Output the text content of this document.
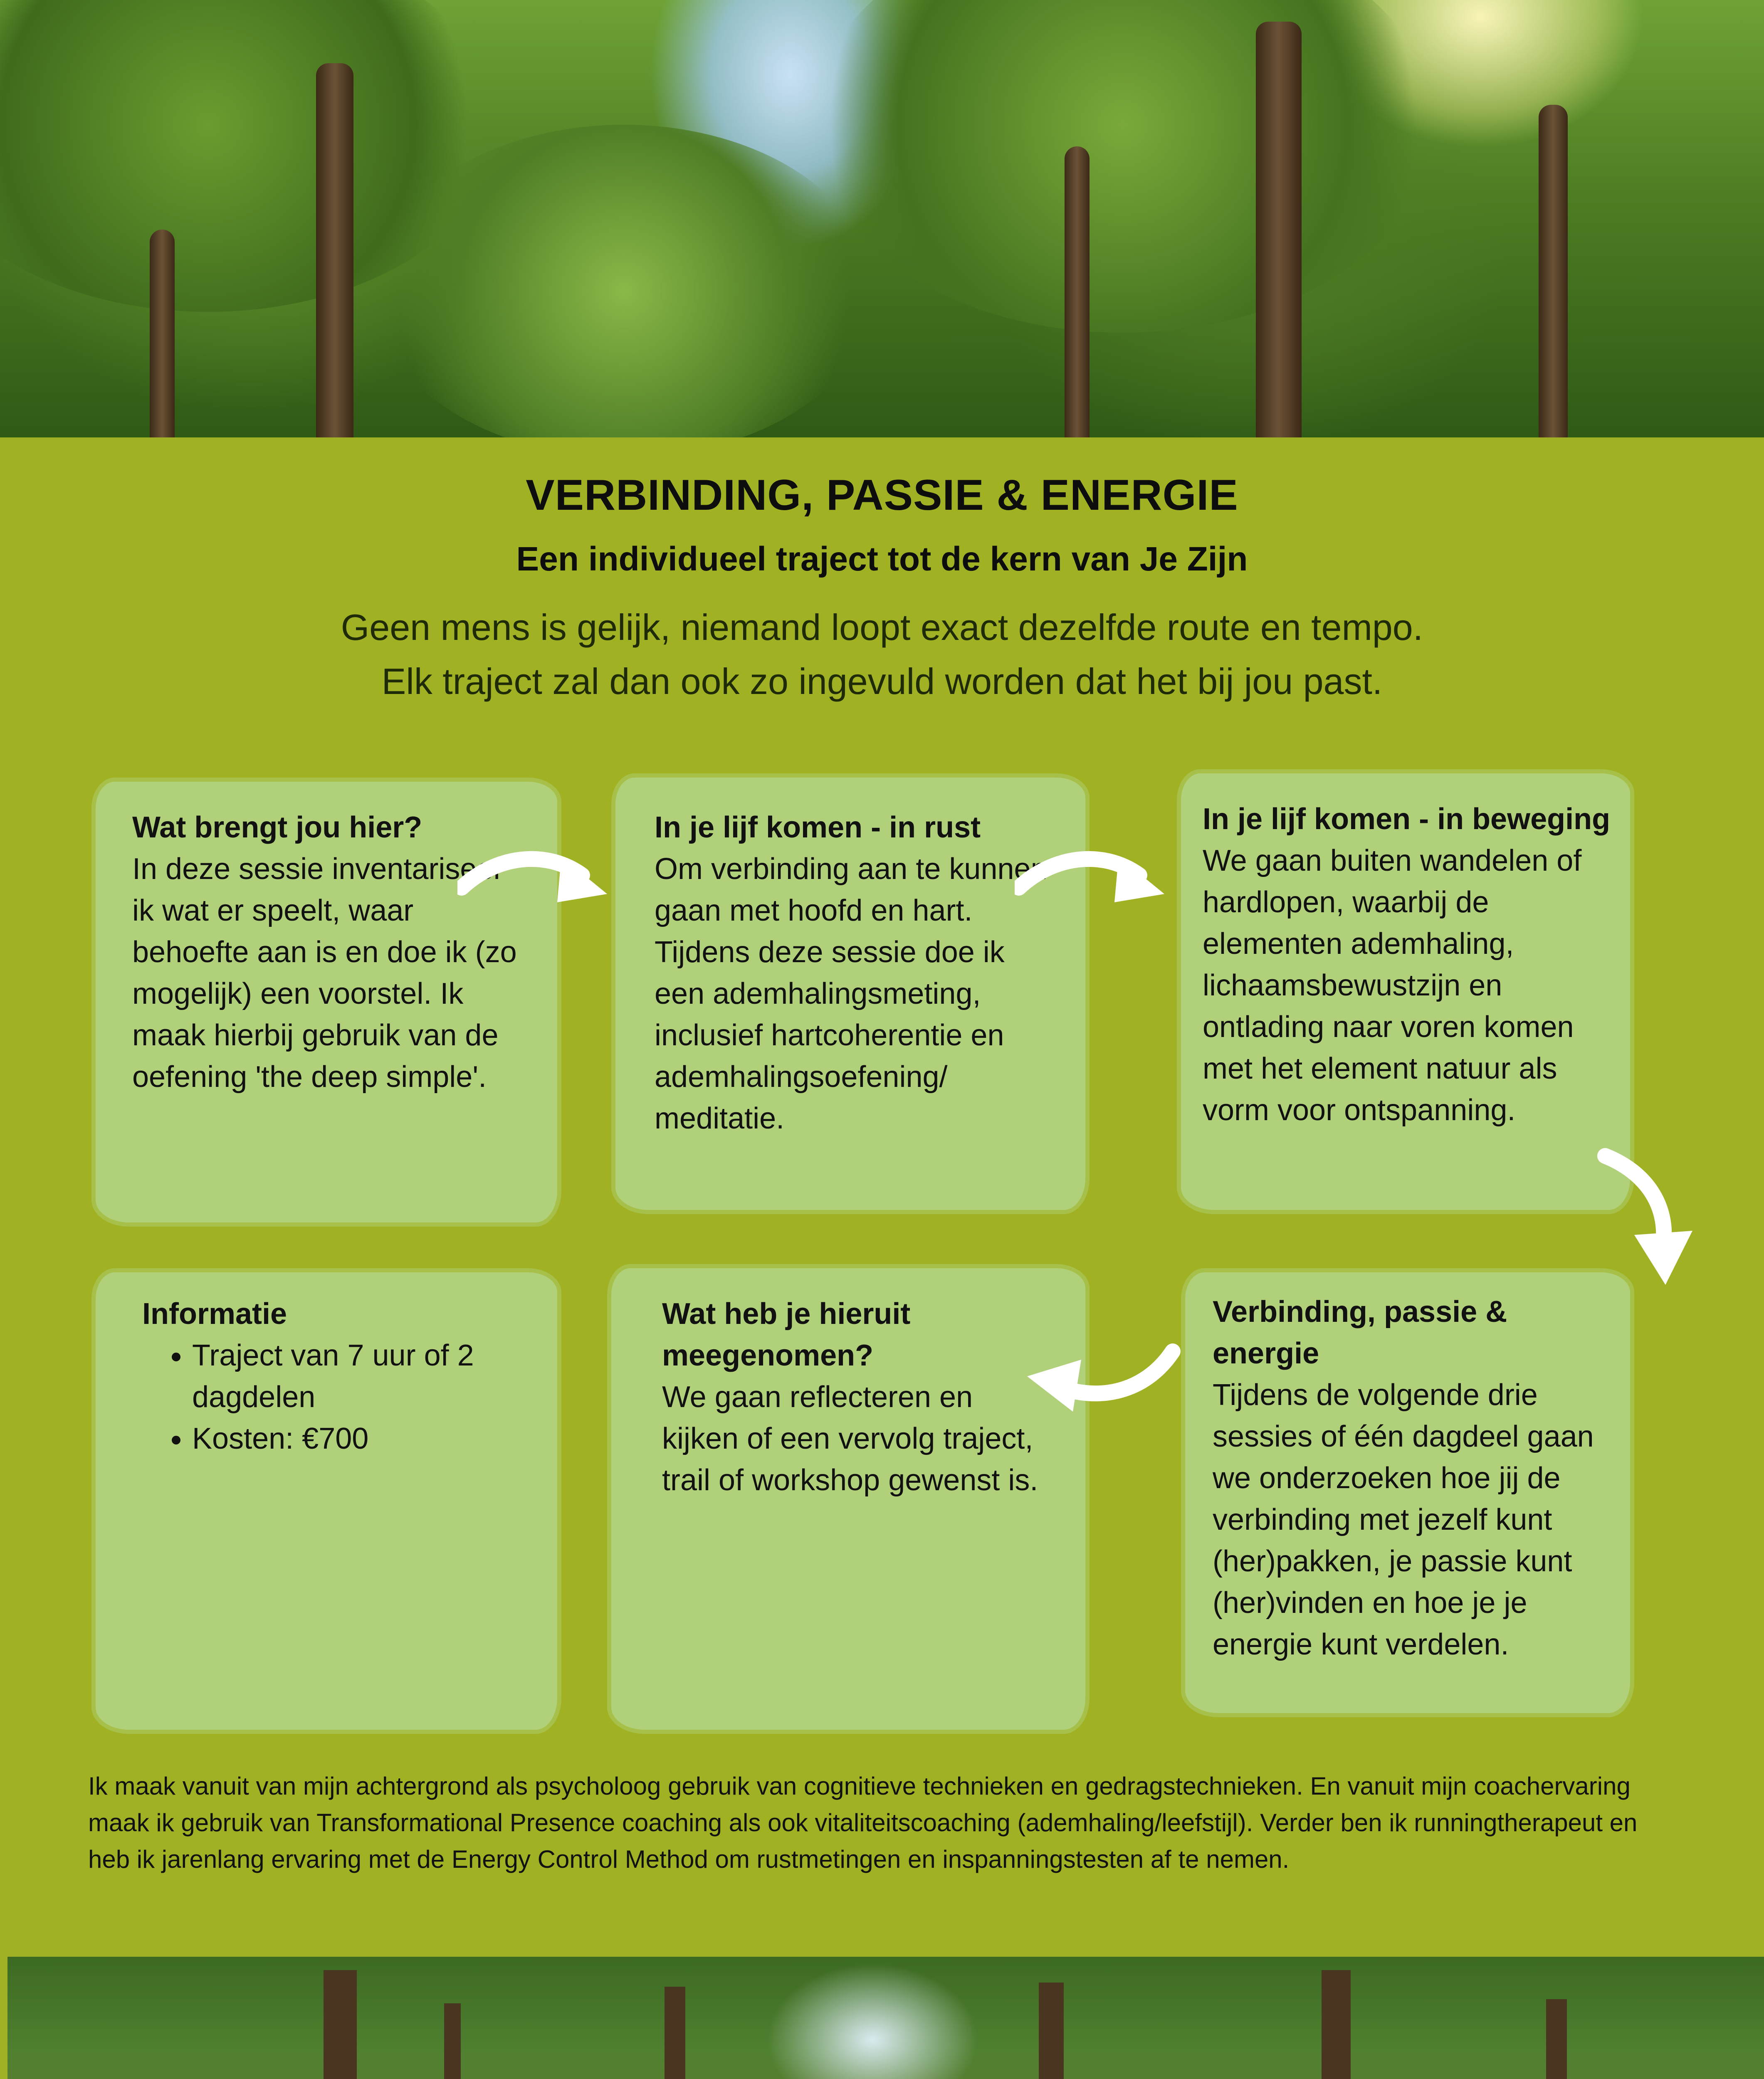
VERBINDING, PASSIE & ENERGIE
Een individueel traject tot de kern van Je Zijn
Geen mens is gelijk, niemand loopt exact dezelfde route en tempo.
Elk traject zal dan ook zo ingevuld worden dat het bij jou past.
Wat brengt jou hier?
In deze sessie inventariseer ik wat er speelt, waar behoefte aan is en doe ik (zo mogelijk) een voorstel. Ik maak hierbij gebruik van de oefening 'the deep simple'.
In je lijf komen - in rust
Om verbinding aan te kunnen gaan met hoofd en hart. Tijdens deze sessie doe ik een ademhalingsmeting, inclusief hartcoherentie en ademhalingsoefening/ meditatie.
In je lijf komen - in beweging
We gaan buiten wandelen of hardlopen, waarbij de elementen ademhaling, lichaamsbewustzijn en ontlading naar voren komen met het element natuur als vorm voor ontspanning.
Informatie
• Traject van 7 uur of 2 dagdelen
• Kosten: €700
Wat heb je hieruit meegenomen?
We gaan reflecteren en kijken of een vervolg traject, trail of workshop gewenst is.
Verbinding, passie & energie
Tijdens de volgende drie sessies of één dagdeel gaan we onderzoeken hoe jij de verbinding met jezelf kunt (her)pakken, je passie kunt (her)vinden en hoe je je energie kunt verdelen.
Ik maak vanuit van mijn achtergrond als psycholoog gebruik van cognitieve technieken en gedragstechnieken. En vanuit mijn coachervaring maak ik gebruik van Transformational Presence coaching als ook vitaliteitscoaching (ademhaling/leefstijl). Verder ben ik runningtherapeut en heb ik jarenlang ervaring met de Energy Control Method om rustmetingen en inspanningstesten af te nemen.
